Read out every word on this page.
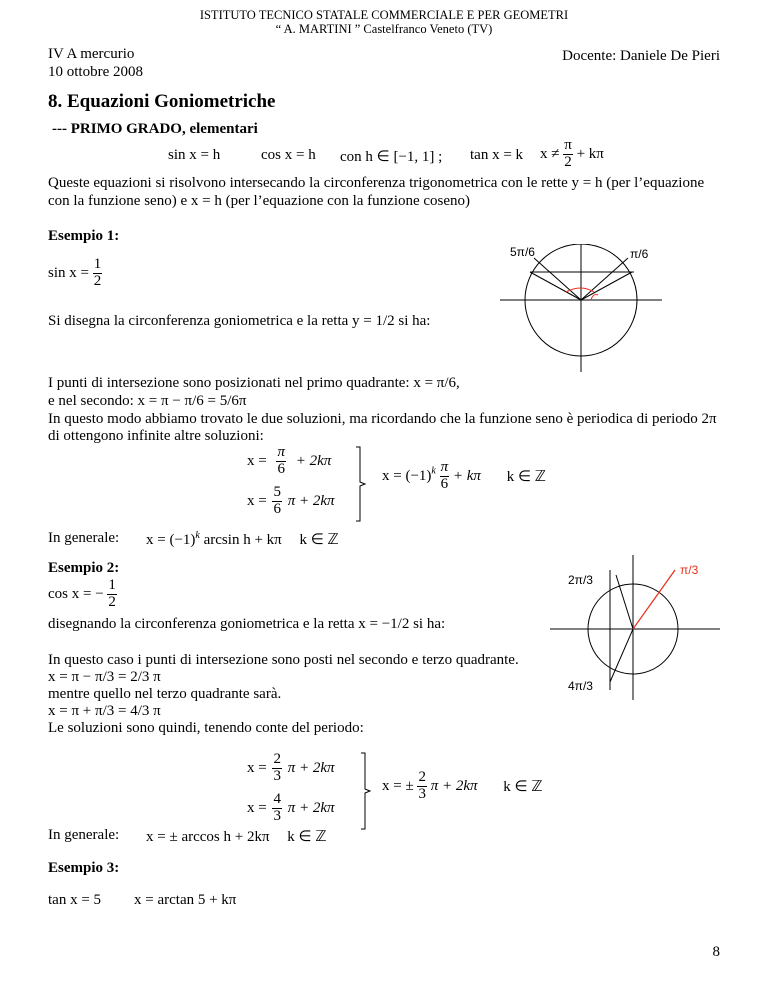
ISTITUTO TECNICO STATALE COMMERCIALE E PER GEOMETRI
“ A. MARTINI ” Castelfranco Veneto (TV)
IV A mercurio
10 ottobre 2008
Docente: Daniele De Pieri
8. Equazioni Goniometriche
--- PRIMO GRADO, elementari
sin x = h	cos x = h con h ∈ [−1, 1] ; tan x = k $x \ne \frac{\pi}{2} + k\pi$
Queste equazioni si risolvono intersecando la circonferenza trigonometrica con le rette y = h (per l’equazione
con la funzione seno) e x = h (per l’equazione con la funzione coseno)
Esempio 1:
$\sin x = \frac{1}{2}$
5π/6	π/6
Si disegna la circonferenza goniometrica e la retta y = 1/2 si ha:
I punti di intersezione sono posizionati nel primo quadrante: x = π/6,
e nel secondo: x = π − π/6 = 5/6π
In questo modo abbiamo trovato le due soluzioni, ma ricordando che la funzione seno è periodica di periodo 2π
di ottengono infinite altre soluzioni:
$x = \frac{\pi}{6} + 2k\pi$
$x = \frac{5}{6}$ π + 2kπ
$x = (-1)^k \frac{\pi}{6} + k\pi$ k ∈ ℤ
In generale: $x = (-1)^k$ arcsin h + kπ k ∈ ℤ
Esempio 2:
cos x = − $\frac{1}{2}$
disegnando la circonferenza goniometrica e la retta x = −1/2 si ha:
2π/3
π/3
4π/3
In questo caso i punti di intersezione sono posti nel secondo e terzo quadrante.
x = π − π/3 = 2/3 π
mentre quello nel terzo quadrante sarà.
x = π + π/3 = 4/3 π
Le soluzioni sono quindi, tenendo conte del periodo:
$x = \frac{2}{3}$ π + 2kπ
$x = \frac{4}{3}$ π + 2kπ
x = ± $\frac{2}{3}$ π + 2kπ k ∈ ℤ
In generale: x = ± arccos h + 2kπ k ∈ ℤ
Esempio 3:
tan x = 5 x = arctan 5 + kπ
8
